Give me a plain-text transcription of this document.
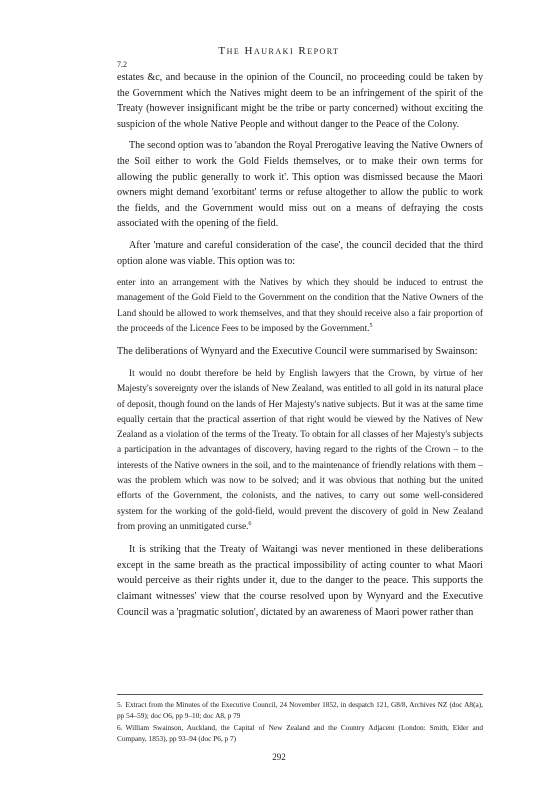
The Hauraki Report
7.2

estates &c, and because in the opinion of the Council, no proceeding could be taken by the Government which the Natives might deem to be an infringement of the spirit of the Treaty (however insignificant might be the tribe or party concerned) without exciting the suspicion of the whole Native People and without danger to the Peace of the Colony.

The second option was to 'abandon the Royal Prerogative leaving the Native Owners of the Soil either to work the Gold Fields themselves, or to make their own terms for allowing the public generally to work it'. This option was dismissed because the Maori owners might demand 'exorbitant' terms or refuse altogether to allow the public to work the fields, and the Government would miss out on a means of defraying the costs associated with the opening of the field.

After 'mature and careful consideration of the case', the council decided that the third option alone was viable. This option was to:

enter into an arrangement with the Natives by which they should be induced to entrust the management of the Gold Field to the Government on the condition that the Native Owners of the Land should be allowed to work themselves, and that they should receive also a fair proportion of the proceeds of the Licence Fees to be imposed by the Government.$^5$

The deliberations of Wynyard and the Executive Council were summarised by Swainson:

It would no doubt therefore be held by English lawyers that the Crown, by virtue of her Majesty's sovereignty over the islands of New Zealand, was entitled to all gold in its natural place of deposit, though found on the lands of Her Majesty's native subjects. But it was at the same time equally certain that the practical assertion of that right would be viewed by the Natives of New Zealand as a violation of the terms of the Treaty. To obtain for all classes of her Majesty's subjects a participation in the advantages of discovery, having regard to the rights of the Crown – to the interests of the Native owners in the soil, and to the maintenance of friendly relations with them – was the problem which was now to be solved; and it was obvious that nothing but the united efforts of the Government, the colonists, and the natives, to carry out some well-considered system for the working of the gold-field, would prevent the discovery of gold in New Zealand from proving an unmitigated curse.$^6$

It is striking that the Treaty of Waitangi was never mentioned in these deliberations except in the same breath as the practical impossibility of acting counter to what Maori would perceive as their rights under it, due to the danger to the peace. This supports the claimant witnesses' view that the course resolved upon by Wynyard and the Executive Council was a 'pragmatic solution', dictated by an awareness of Maori power rather than

5. Extract from the Minutes of the Executive Council, 24 November 1852, in despatch 121, G8/8, Archives NZ (doc A8(a), pp 54–59); doc O6, pp 9–10; doc A8, p 79

6. William Swainson, Auckland, the Capital of New Zealand and the Country Adjacent (London: Smith, Elder and Company, 1853), pp 93–94 (doc P6, p 7)

292
